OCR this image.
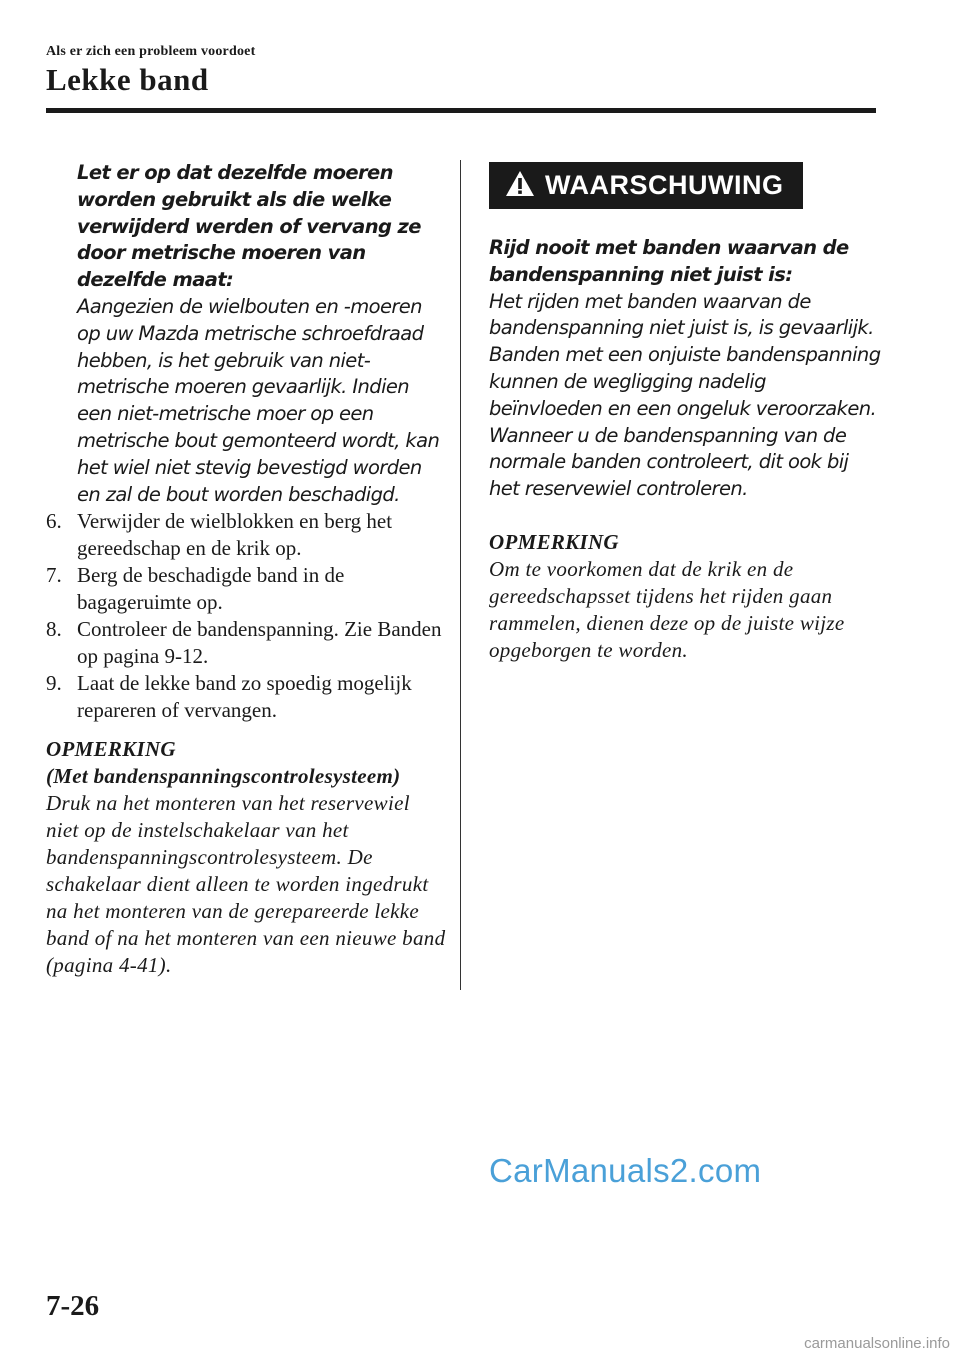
Als er zich een probleem voordoet
Lekke band
Let er op dat dezelfde moeren worden gebruikt als die welke verwijderd werden of vervang ze door metrische moeren van dezelfde maat:
Aangezien de wielbouten en -moeren op uw Mazda metrische schroefdraad hebben, is het gebruik van niet-metrische moeren gevaarlijk. Indien een niet-metrische moer op een metrische bout gemonteerd wordt, kan het wiel niet stevig bevestigd worden en zal de bout worden beschadigd.
6. Verwijder de wielblokken en berg het gereedschap en de krik op.
7. Berg de beschadigde band in de bagageruimte op.
8. Controleer de bandenspanning. Zie Banden op pagina 9-12.
9. Laat de lekke band zo spoedig mogelijk repareren of vervangen.
OPMERKING
(Met bandenspanningscontrolesysteem)
Druk na het monteren van het reservewiel niet op de instelschakelaar van het bandenspanningscontrolesysteem. De schakelaar dient alleen te worden ingedrukt na het monteren van de gerepareerde lekke band of na het monteren van een nieuwe band (pagina 4-41).
WAARSCHUWING
Rijd nooit met banden waarvan de bandenspanning niet juist is:
Het rijden met banden waarvan de bandenspanning niet juist is, is gevaarlijk. Banden met een onjuiste bandenspanning kunnen de wegligging nadelig beïnvloeden en een ongeluk veroorzaken. Wanneer u de bandenspanning van de normale banden controleert, dit ook bij het reservewiel controleren.
OPMERKING
Om te voorkomen dat de krik en de gereedschapsset tijdens het rijden gaan rammelen, dienen deze op de juiste wijze opgeborgen te worden.
CarManuals2.com
7-26
carmanualsonline.info
